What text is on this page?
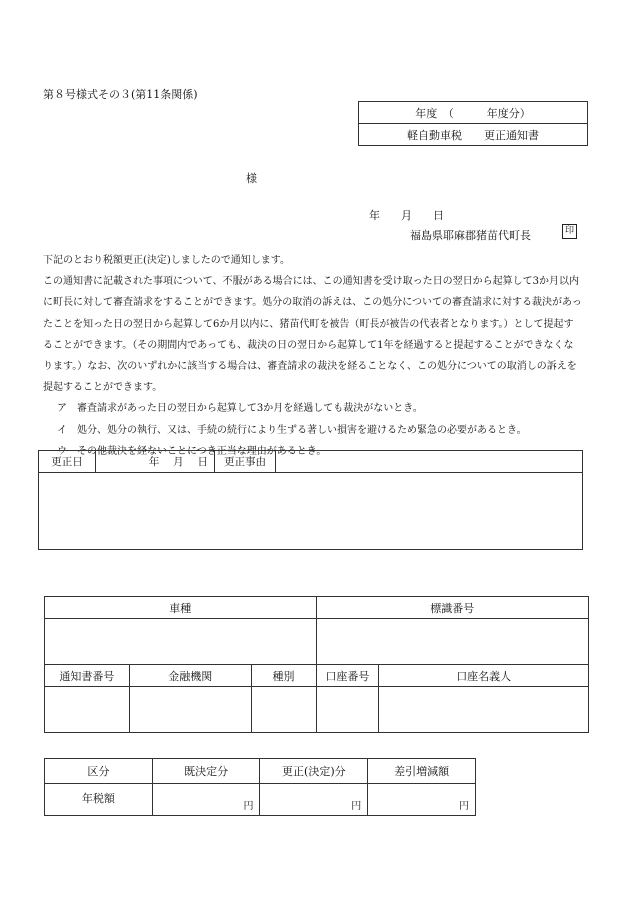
第８号様式その３(第11条関係)
年度　（　　　年度分）
軽自動車税　　更正通知書
様
年 月 日
福島県耶麻郡猪苗代町長	印

下記のとおり税額更正(決定)しましたので通知します。

この通知書に記載された事項について、不服がある場合には、この通知書を受け取った日の翌日から起算して3か月以内に町長に対して審査請求をすることができます。処分の取消の訴えは、この処分についての審査請求に対する裁決があったことを知った日の翌日から起算して6か月以内に、猪苗代町を被告（町長が被告の代表者となります。）として提起することができます。（その期間内であっても、裁決の日の翌日から起算して1年を経過すると提起することができなくなります。）なお、次のいずれかに該当する場合は、審査請求の裁決を経ることなく、この処分についての取消しの訴えを提起することができます。

ア　審査請求があった日の翌日から起算して3か月を経過しても裁決がないとき。

イ　処分、処分の執行、又は、手続の続行により生ずる著しい損害を避けるため緊急の必要があるとき。

ウ　その他裁決を経ないことにつき正当な理由があるとき。

更正日	年　 月　 日	更正事由	

車種			標識番号	

通知書番号	金融機関	種別	口座番号	口座名義人

区分	既決定分	更正(決定)分	差引増減額
年税額	円	円	円
